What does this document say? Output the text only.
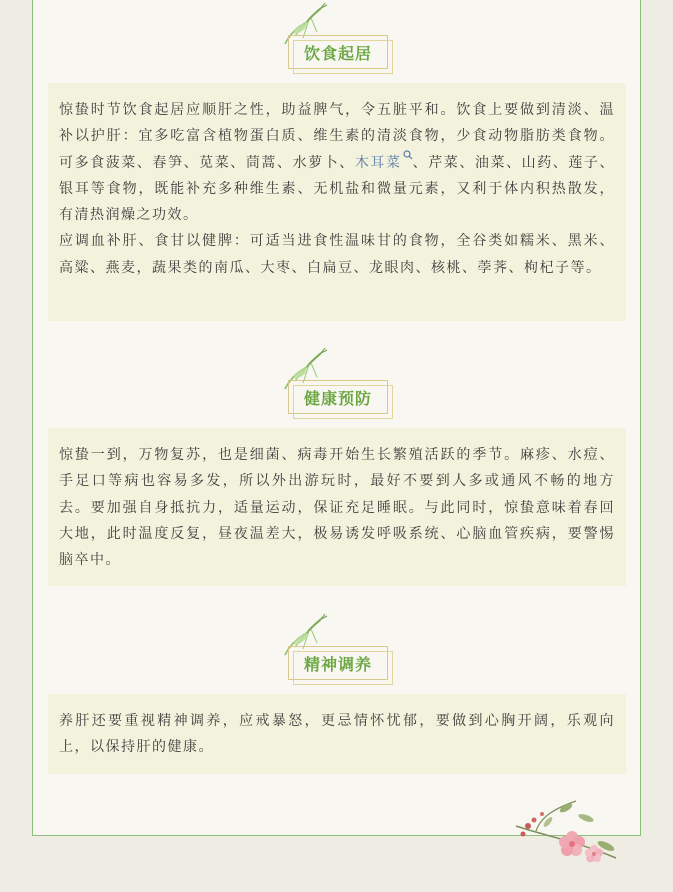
饮食起居

惊蛰时节饮食起居应顺肝之性，助益脾气，令五脏平和。饮食上要做到清淡、温补以护肝：宜多吃富含植物蛋白质、维生素的清淡食物，少食动物脂肪类食物。可多食菠菜、春笋、苋菜、茼蒿、水萝卜、木耳菜 、芹菜、油菜、山药、莲子、银耳等食物，既能补充多种维生素、无机盐和微量元素，又利于体内积热散发，有清热润燥之功效。

应调血补肝、食甘以健脾：可适当进食性温味甘的食物，全谷类如糯米、黑米、高粱、燕麦，蔬果类的南瓜、大枣、白扁豆、龙眼肉、核桃、荸荠、枸杞子等。

健康预防

惊蛰一到，万物复苏，也是细菌、病毒开始生长繁殖活跃的季节。麻疹、水痘、手足口等病也容易多发，所以外出游玩时，最好不要到人多或通风不畅的地方去。要加强自身抵抗力，适量运动，保证充足睡眠。与此同时，惊蛰意味着春回大地，此时温度反复，昼夜温差大，极易诱发呼吸系统、心脑血管疾病，要警惕脑卒中。

精神调养

养肝还要重视精神调养，应戒暴怒，更忌情怀忧郁，要做到心胸开阔，乐观向上，以保持肝的健康。
